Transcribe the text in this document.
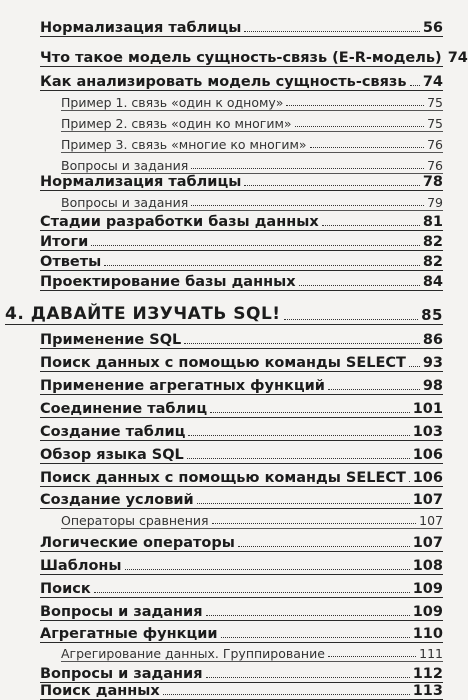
Нормализация таблицы	56
Что такое модель сущность-связь (E-R-модель) 74
Как анализировать модель сущность-связь 74
Пример 1. связь «один к одному»	75
Пример 2. связь «один ко многим»	75
Пример 3. связь «многие ко многим»	76
Вопросы и задания	76
Нормализация таблицы	78
Вопросы и задания	79
Стадии разработки базы данных	81
Итоги	82
Ответы	82
Проектирование базы данных	84
4. ДАВАЙТЕ ИЗУЧАТЬ SQL!	85
Применение SQL	86
Поиск данных с помощью команды SELECT 93
Применение агрегатных функций	98
Соединение таблиц	101
Создание таблиц	103
Обзор языка SQL	106
Поиск данных с помощью команды SELECT 106
Создание условий	107
Операторы сравнения	107
Логические операторы	107
Шаблоны	108
Поиск	109
Вопросы и задания	109
Агрегатные функции	110
Агрегирование данных. Группирование	111
Вопросы и задания	112
Поиск данных	113
